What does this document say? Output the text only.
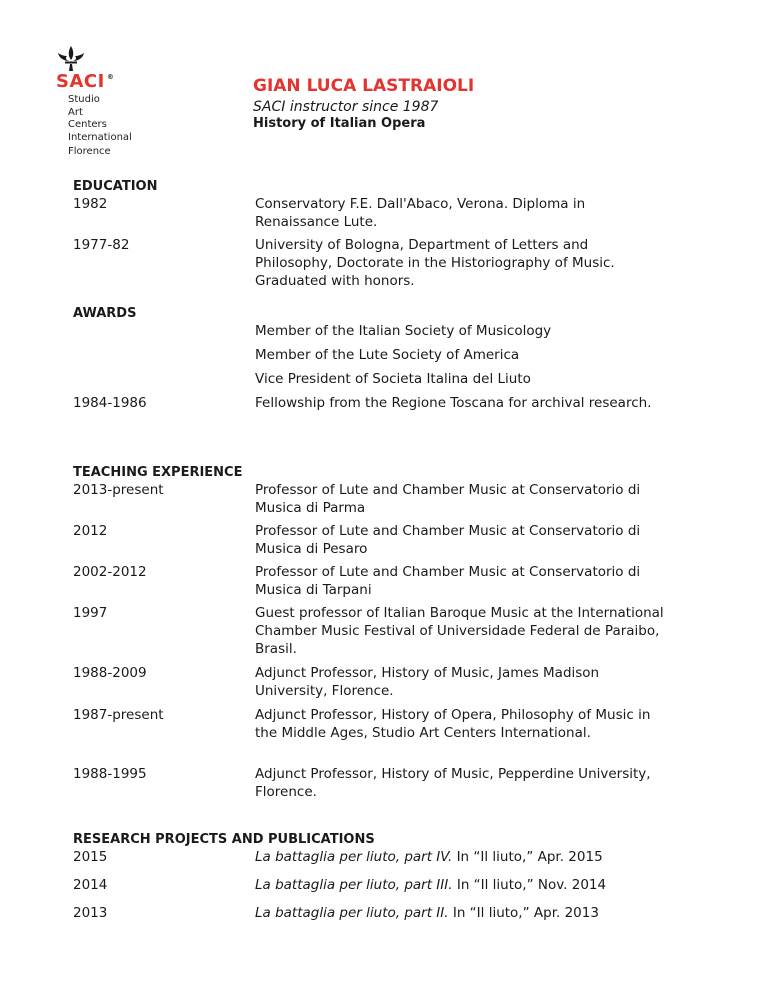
SACI ®
Studio
Art
Centers
International
Florence
GIAN LUCA LASTRAIOLI
SACI instructor since 1987
History of Italian Opera
EDUCATION
1982	Conservatory F.E. Dall'Abaco, Verona. Diploma in Renaissance Lute.
1977-82	University of Bologna, Department of Letters and Philosophy, Doctorate in the Historiography of Music. Graduated with honors.
AWARDS
Member of the Italian Society of Musicology
Member of the Lute Society of America
Vice President of Societa Italina del Liuto
1984-1986	Fellowship from the Regione Toscana for archival research.
TEACHING EXPERIENCE
2013-present	Professor of Lute and Chamber Music at Conservatorio di Musica di Parma
2012	Professor of Lute and Chamber Music at Conservatorio di Musica di Pesaro
2002-2012	Professor of Lute and Chamber Music at Conservatorio di Musica di Tarpani
1997	Guest professor of Italian Baroque Music at the International Chamber Music Festival of Universidade Federal de Paraibo, Brasil.
1988-2009	Adjunct Professor, History of Music, James Madison University, Florence.
1987-present	Adjunct Professor, History of Opera, Philosophy of Music in the Middle Ages, Studio Art Centers International.
1988-1995	Adjunct Professor, History of Music, Pepperdine University, Florence.
RESEARCH PROJECTS AND PUBLICATIONS
2015	La battaglia per liuto, part IV. In “Il liuto,” Apr. 2015
2014	La battaglia per liuto, part III. In “Il liuto,” Nov. 2014
2013	La battaglia per liuto, part II. In “Il liuto,” Apr. 2013
